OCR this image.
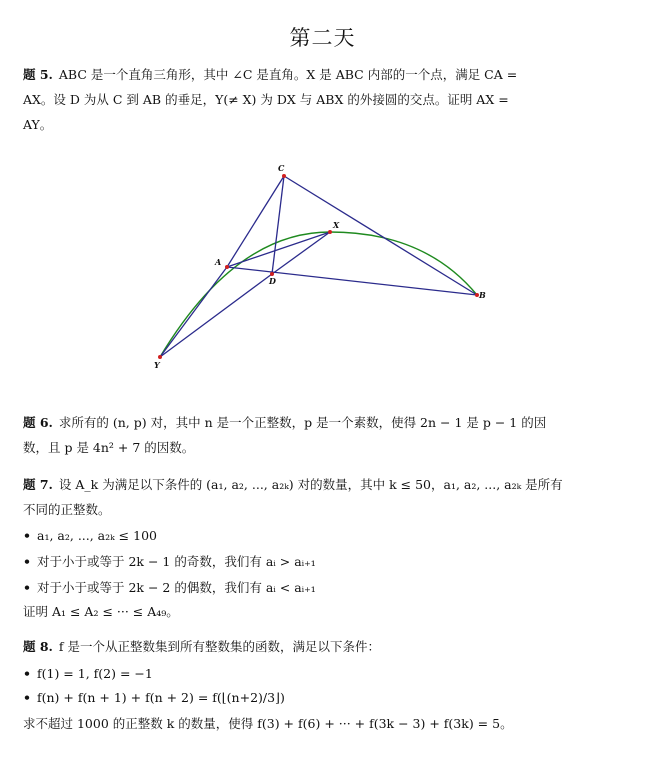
第二天
题 5. ABC 是一个直角三角形，其中 ∠C 是直角。X 是 ABC 内部的一个点，满足 CA =
AX。设 D 为从 C 到 AB 的垂足，Y(≠ X) 为 DX 与 ABX 的外接圆的交点。证明 AX =
AY。
C
X
A
D
B
Y
题 6. 求所有的 (n, p) 对，其中 n 是一个正整数，p 是一个素数，使得 2n − 1 是 p − 1 的因
数，且 p 是 4n² + 7 的因数。
题 7. 设 A_k 为满足以下条件的 (a₁, a₂, ..., a₂ₖ) 对的数量，其中 k ≤ 50，a₁, a₂, ..., a₂ₖ 是所有
不同的正整数。
• a₁, a₂, ..., a₂ₖ ≤ 100
• 对于小于或等于 2k − 1 的奇数，我们有 aᵢ > aᵢ₊₁
• 对于小于或等于 2k − 2 的偶数，我们有 aᵢ < aᵢ₊₁
证明 A₁ ≤ A₂ ≤ ··· ≤ A₄₉。
题 8. f 是一个从正整数集到所有整数集的函数，满足以下条件：
• f(1) = 1, f(2) = −1
• f(n) + f(n + 1) + f(n + 2) = f(⌊(n+2)/3⌋)
求不超过 1000 的正整数 k 的数量，使得 f(3) + f(6) + ··· + f(3k − 3) + f(3k) = 5。
